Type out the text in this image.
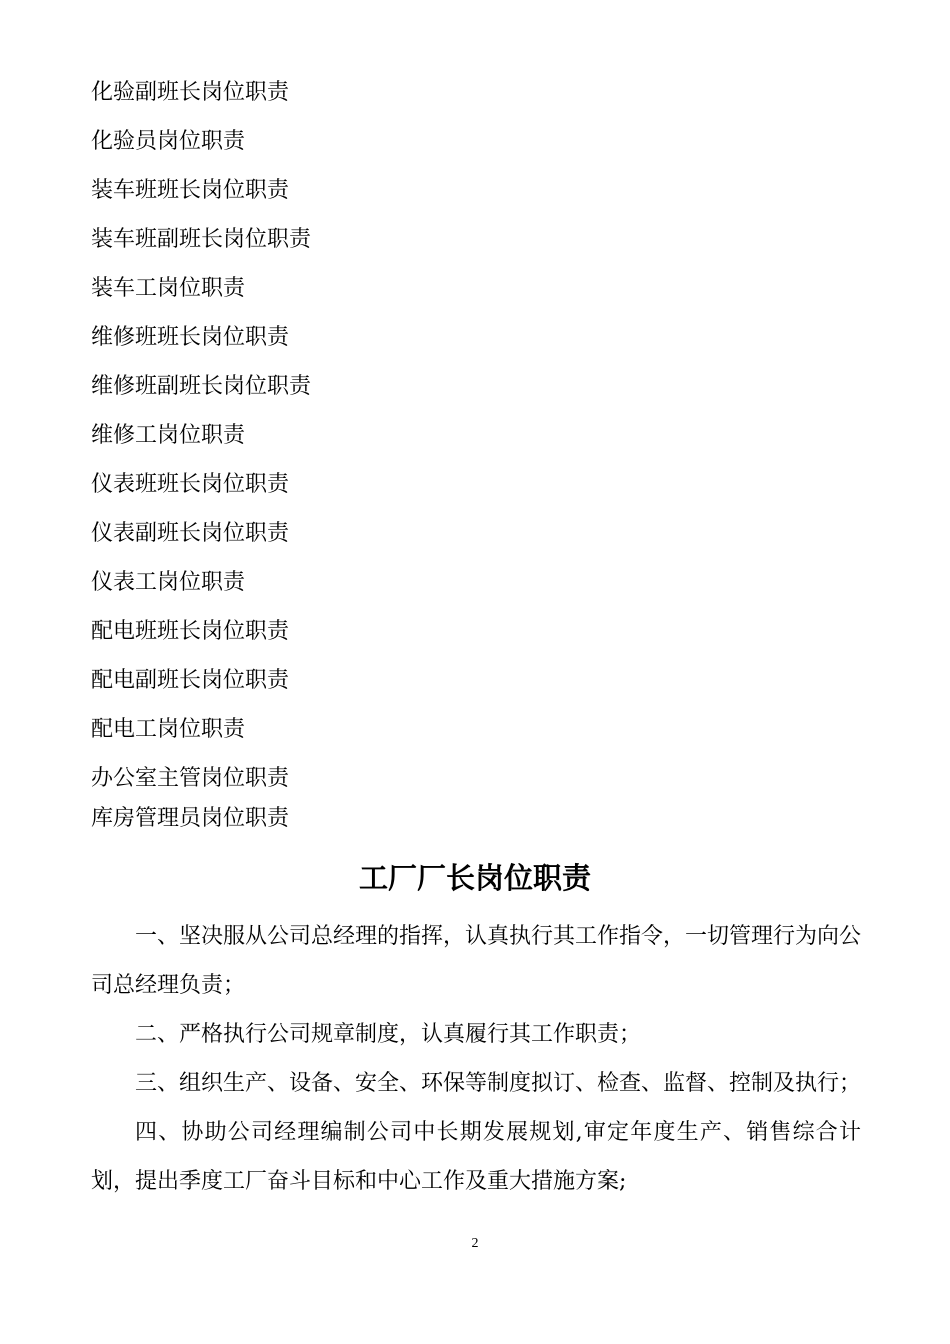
化验副班长岗位职责
化验员岗位职责
装车班班长岗位职责
装车班副班长岗位职责
装车工岗位职责
维修班班长岗位职责
维修班副班长岗位职责
维修工岗位职责
仪表班班长岗位职责
仪表副班长岗位职责
仪表工岗位职责
配电班班长岗位职责
配电副班长岗位职责
配电工岗位职责
办公室主管岗位职责
库房管理员岗位职责
工厂厂长岗位职责

一、坚决服从公司总经理的指挥，认真执行其工作指令，一切管理行为向公司总经理负责；

二、严格执行公司规章制度，认真履行其工作职责；

三、组织生产、设备、安全、环保等制度拟订、检查、监督、控制及执行；

四、协助公司经理编制公司中长期发展规划,审定年度生产、销售综合计划，提出季度工厂奋斗目标和中心工作及重大措施方案;

2
